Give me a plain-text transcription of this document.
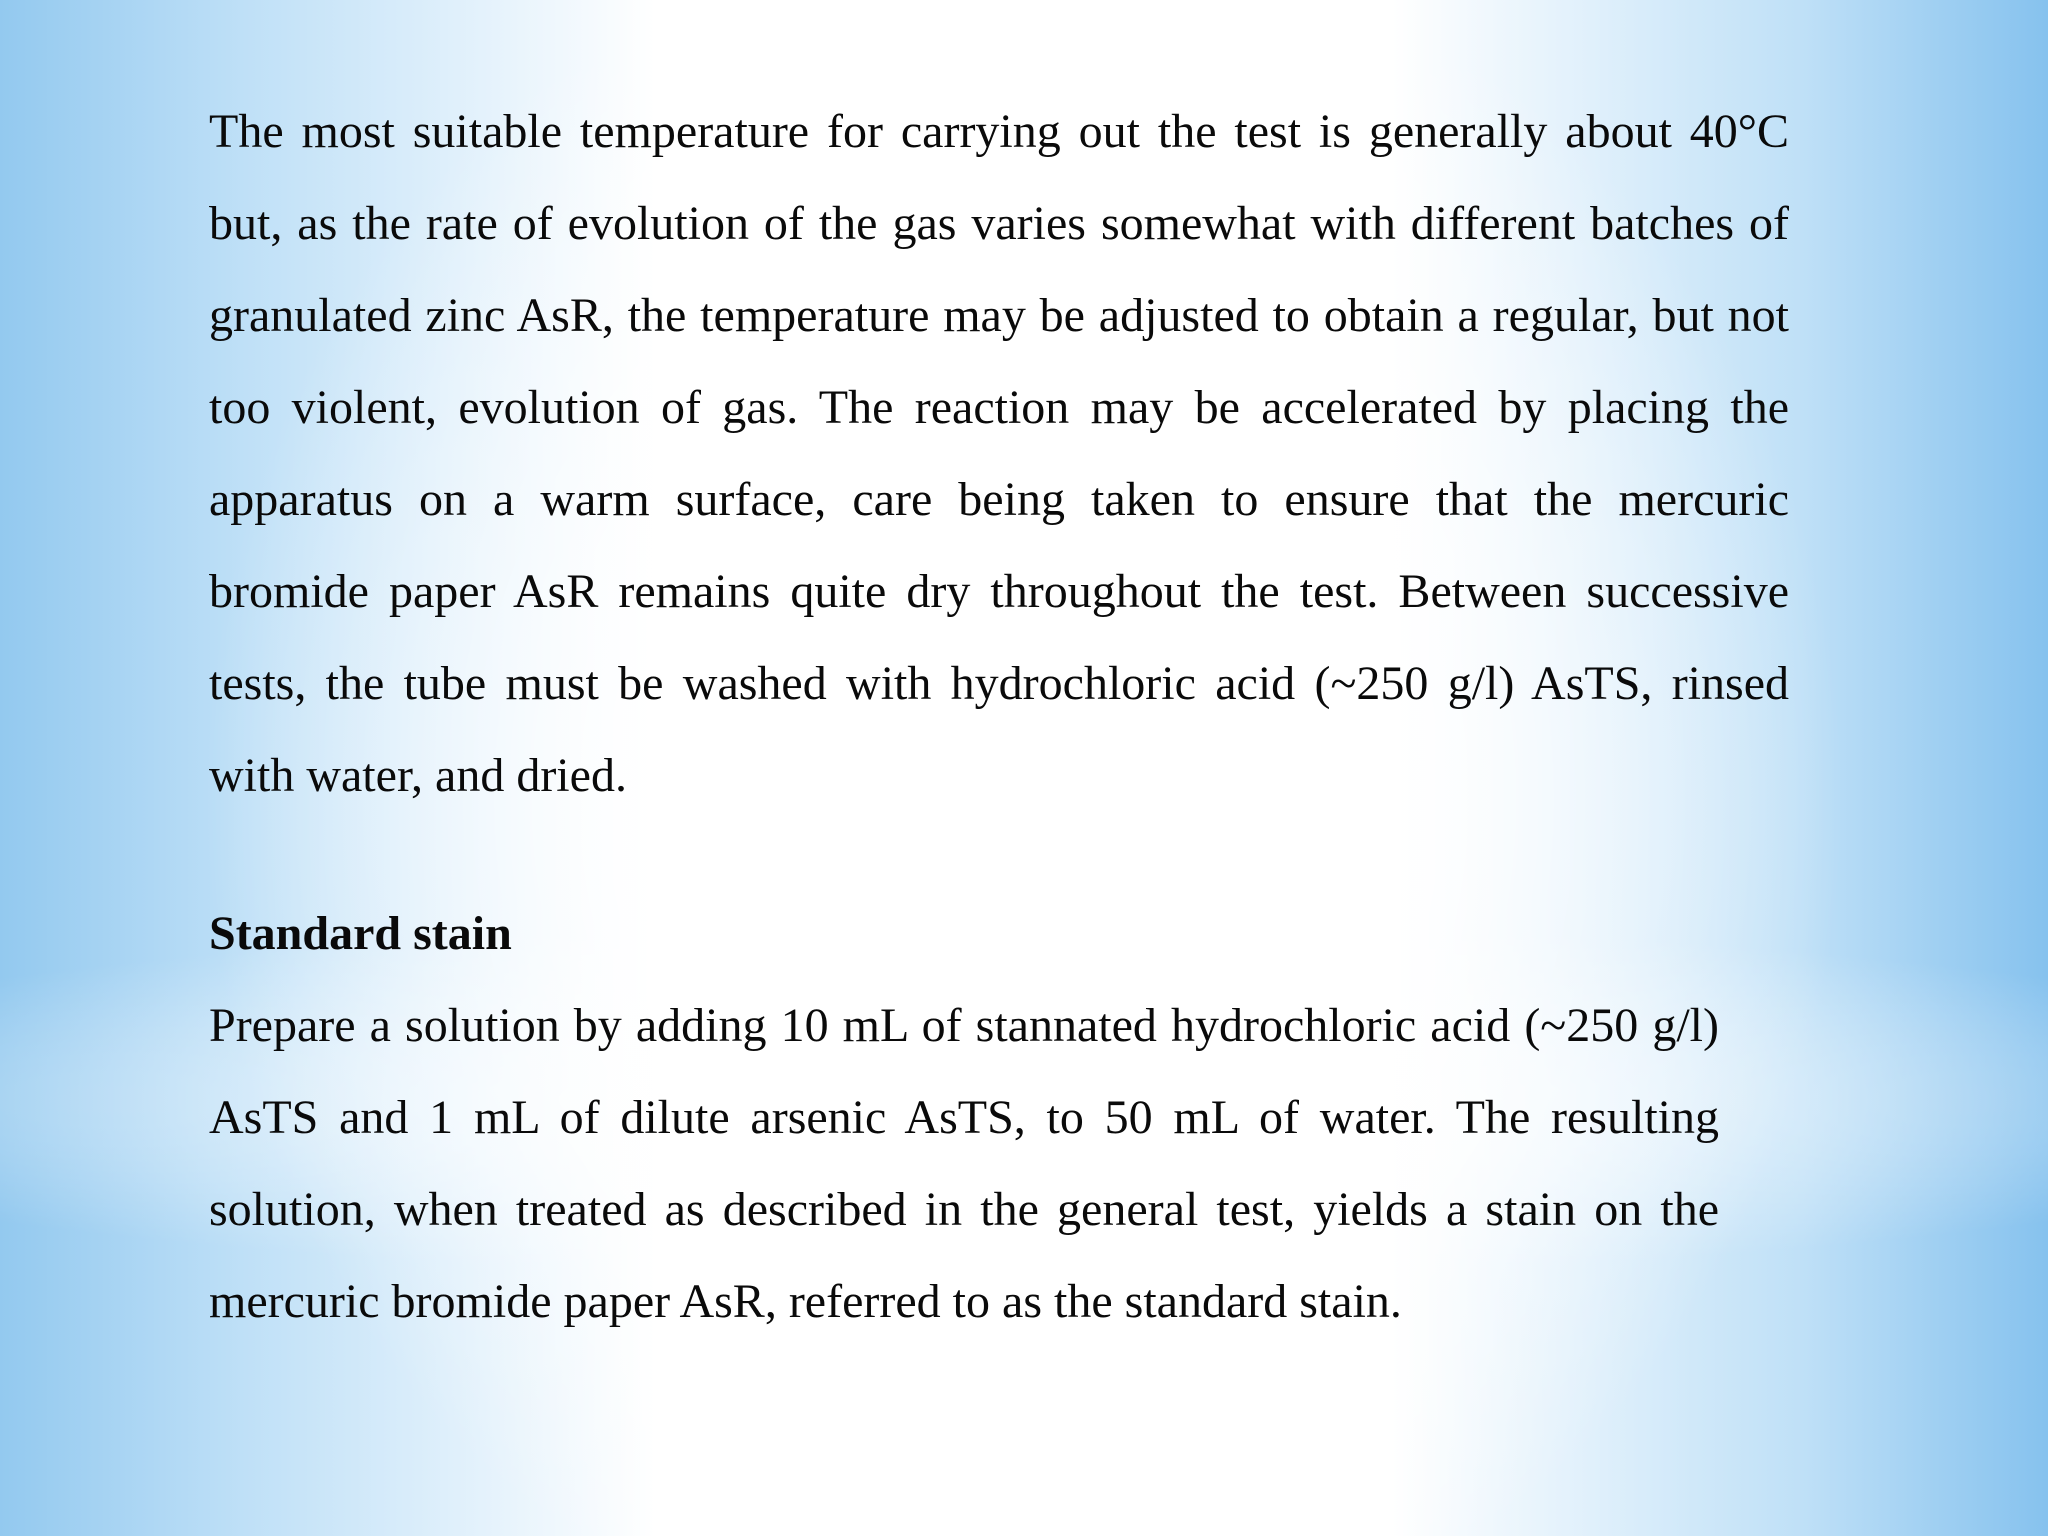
The most suitable temperature for carrying out the test is generally about 40°C but, as the rate of evolution of the gas varies somewhat with different batches of granulated zinc AsR, the temperature may be adjusted to obtain a regular, but not too violent, evolution of gas. The reaction may be accelerated by placing the apparatus on a warm surface, care being taken to ensure that the mercuric bromide paper AsR remains quite dry throughout the test. Between successive tests, the tube must be washed with hydrochloric acid (~250 g/l) AsTS, rinsed with water, and dried.

Standard stain

Prepare a solution by adding 10 mL of stannated hydrochloric acid (~250 g/l) AsTS and 1 mL of dilute arsenic AsTS, to 50 mL of water. The resulting solution, when treated as described in the general test, yields a stain on the mercuric bromide paper AsR, referred to as the standard stain.
